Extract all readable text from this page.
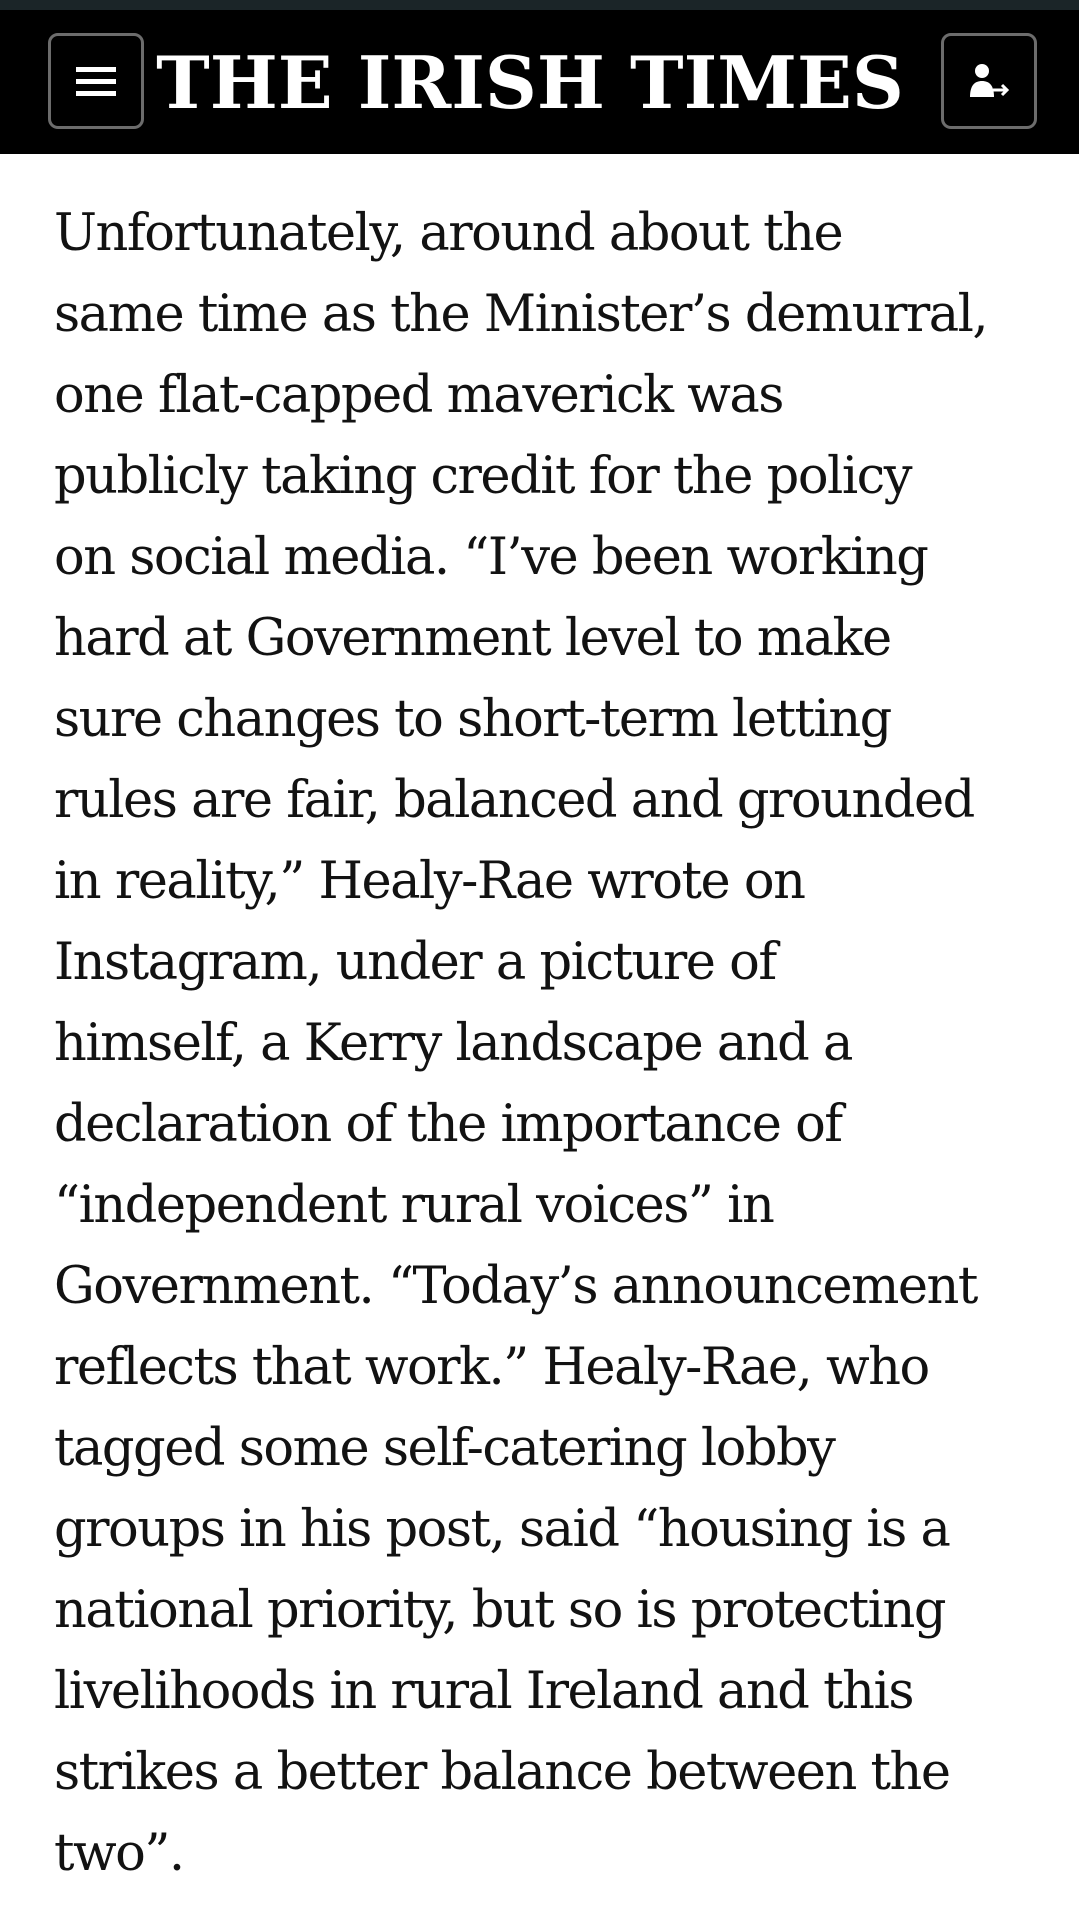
THE IRISH TIMES

Unfortunately, around about the
same time as the Minister’s demurral,
one flat-capped maverick was
publicly taking credit for the policy
on social media. “I’ve been working
hard at Government level to make
sure changes to short-term letting
rules are fair, balanced and grounded
in reality,” Healy-Rae wrote on
Instagram, under a picture of
himself, a Kerry landscape and a
declaration of the importance of
“independent rural voices” in
Government. “Today’s announcement
reflects that work.” Healy-Rae, who
tagged some self-catering lobby
groups in his post, said “housing is a
national priority, but so is protecting
livelihoods in rural Ireland and this
strikes a better balance between the
two”.
